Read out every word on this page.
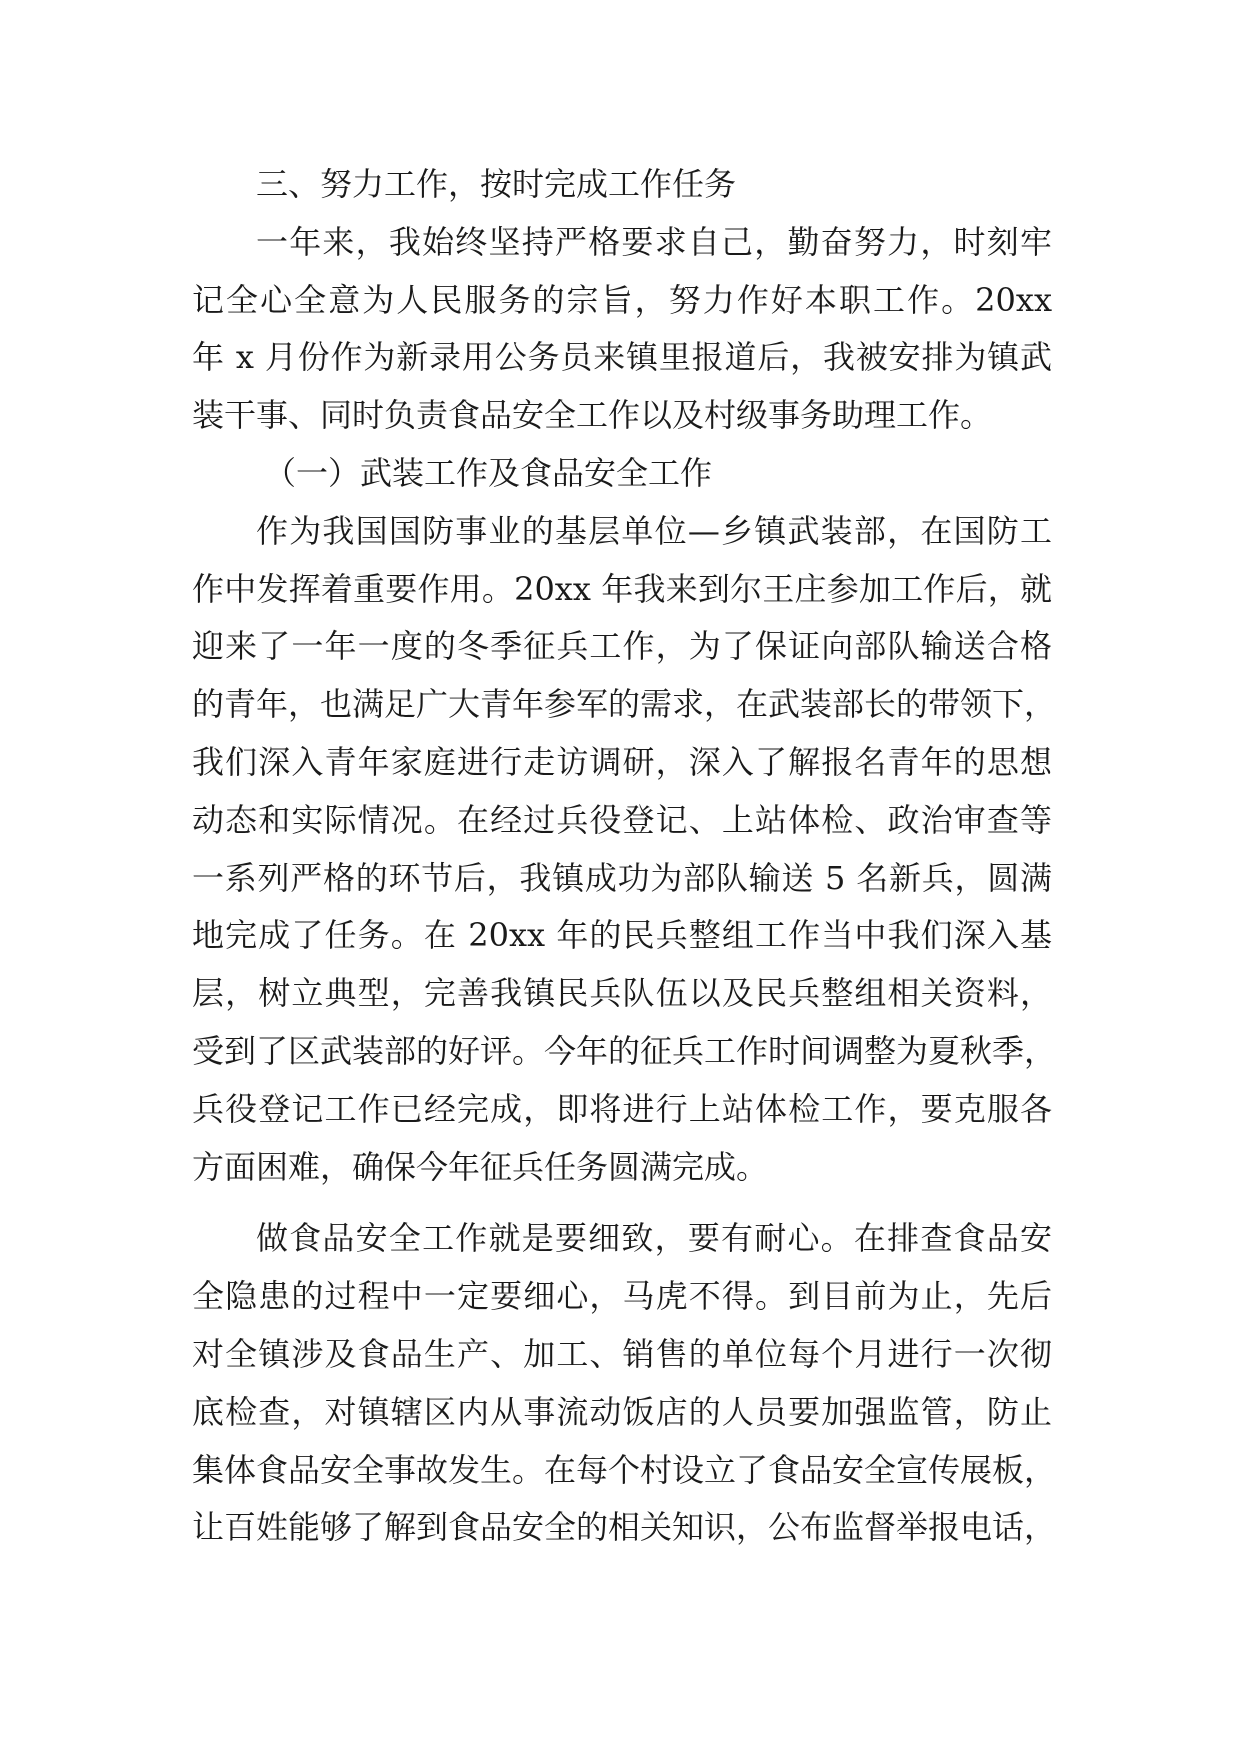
三、努力工作，按时完成工作任务
一年来，我始终坚持严格要求自己，勤奋努力，时刻牢
记全心全意为人民服务的宗旨，努力作好本职工作。20xx
年 x 月份作为新录用公务员来镇里报道后，我被安排为镇武
装干事、同时负责食品安全工作以及村级事务助理工作。
（一）武装工作及食品安全工作
作为我国国防事业的基层单位—乡镇武装部，在国防工
作中发挥着重要作用。20xx 年我来到尔王庄参加工作后，就
迎来了一年一度的冬季征兵工作，为了保证向部队输送合格
的青年，也满足广大青年参军的需求，在武装部长的带领下，
我们深入青年家庭进行走访调研，深入了解报名青年的思想
动态和实际情况。在经过兵役登记、上站体检、政治审查等
一系列严格的环节后，我镇成功为部队输送 5 名新兵，圆满
地完成了任务。在 20xx 年的民兵整组工作当中我们深入基
层，树立典型，完善我镇民兵队伍以及民兵整组相关资料，
受到了区武装部的好评。今年的征兵工作时间调整为夏秋季，
兵役登记工作已经完成，即将进行上站体检工作，要克服各
方面困难，确保今年征兵任务圆满完成。
做食品安全工作就是要细致，要有耐心。在排查食品安
全隐患的过程中一定要细心，马虎不得。到目前为止，先后
对全镇涉及食品生产、加工、销售的单位每个月进行一次彻
底检查，对镇辖区内从事流动饭店的人员要加强监管，防止
集体食品安全事故发生。在每个村设立了食品安全宣传展板，
让百姓能够了解到食品安全的相关知识，公布监督举报电话，
